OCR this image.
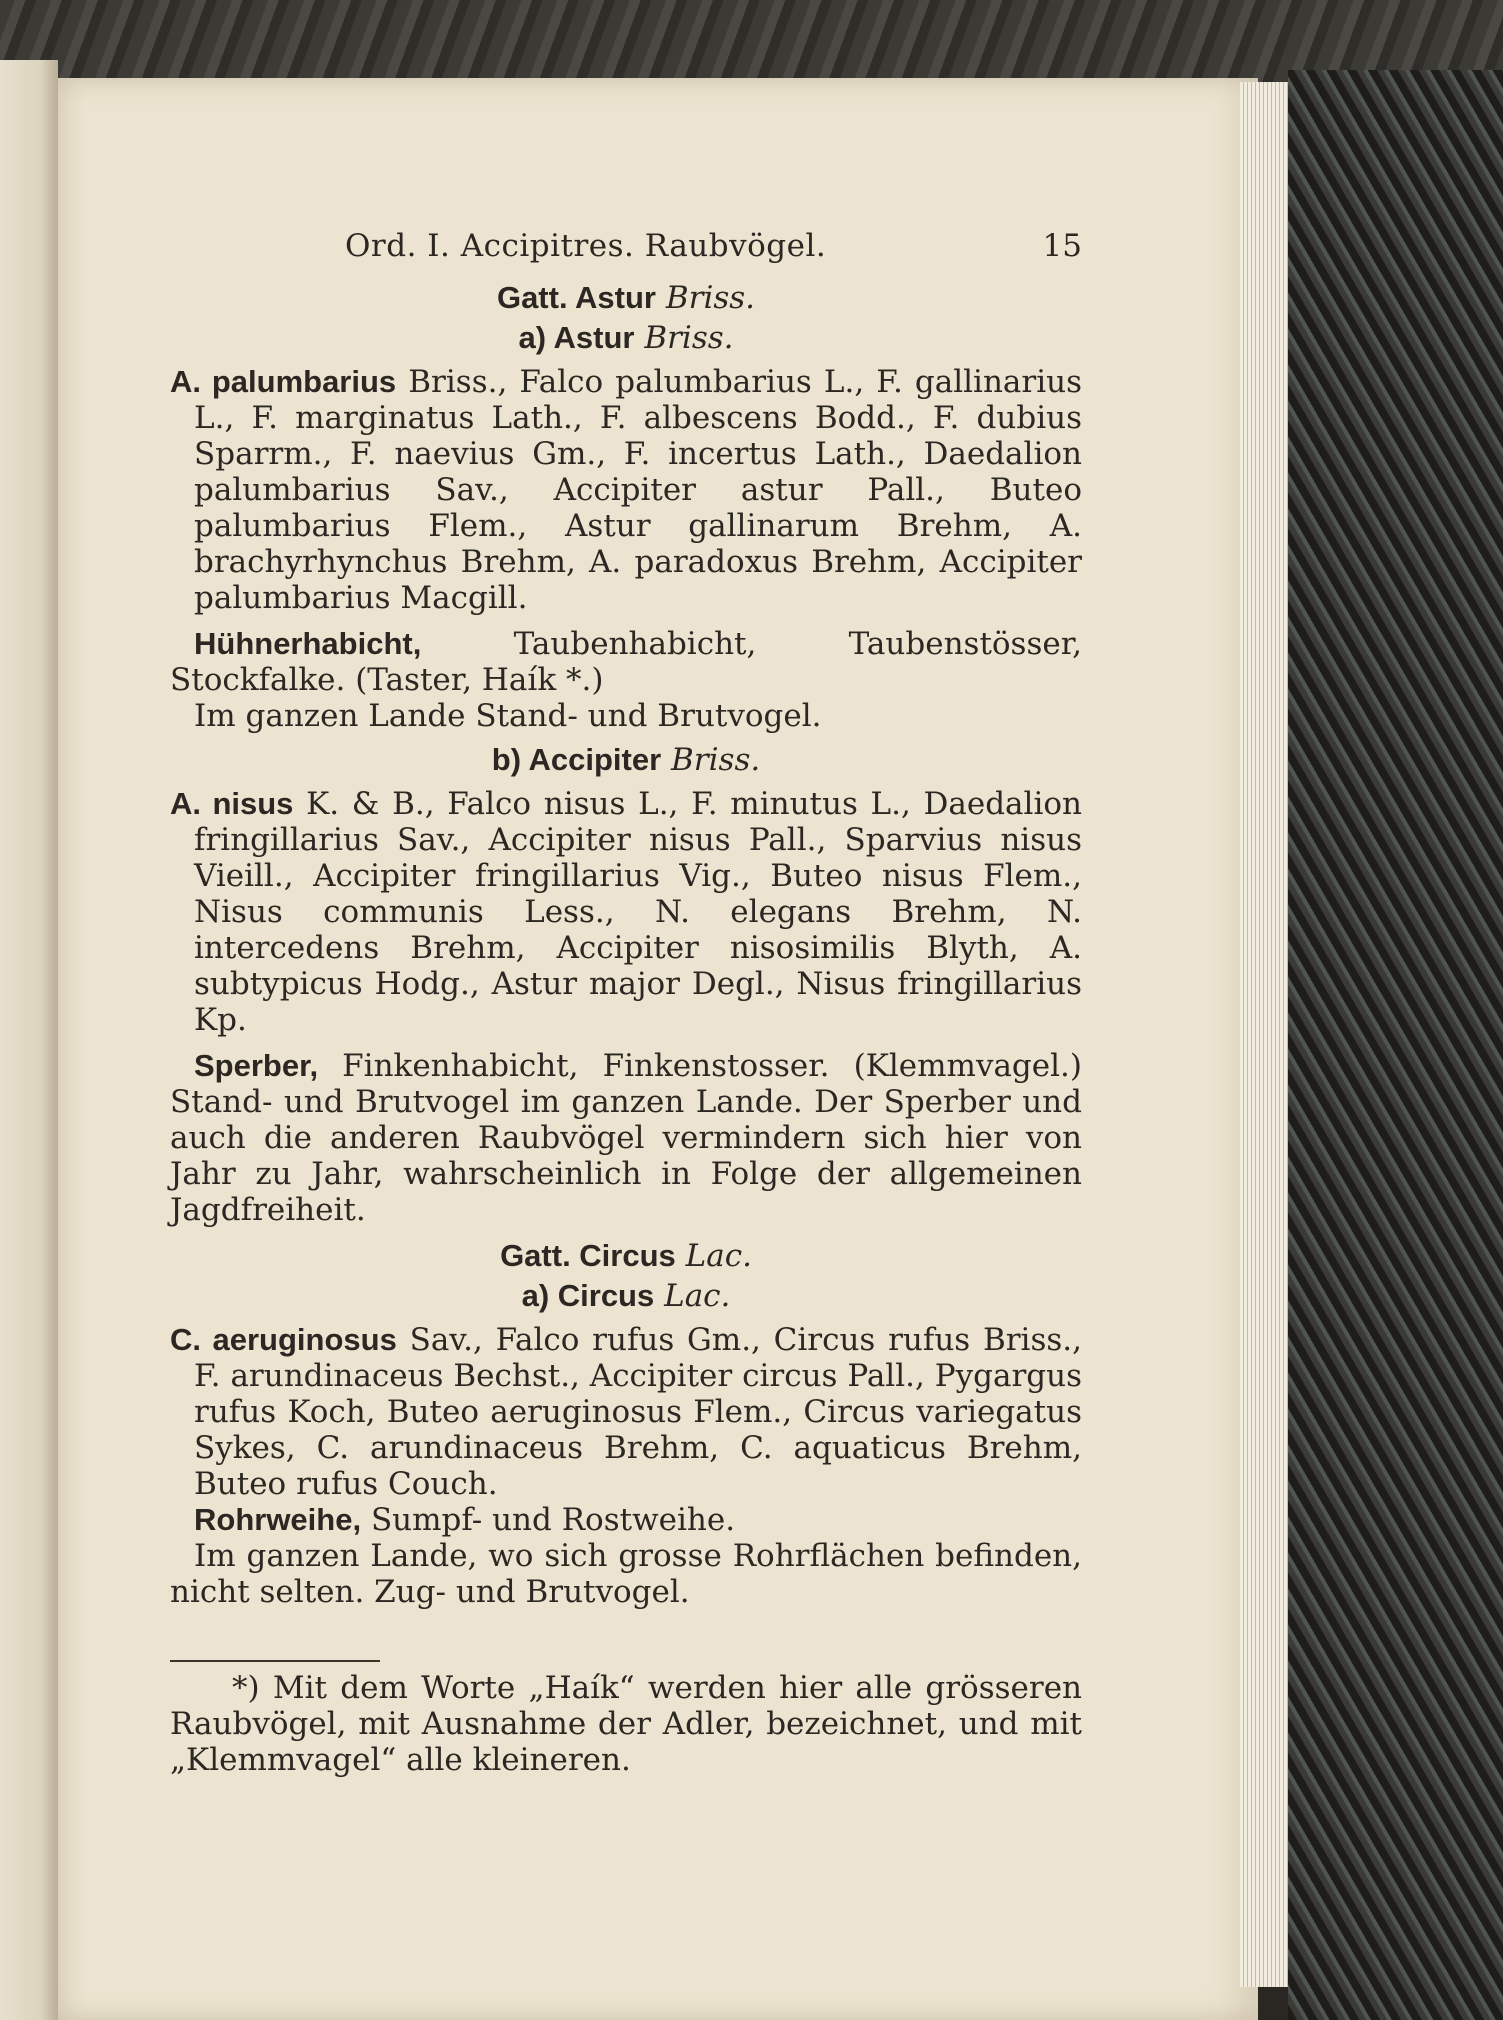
Ord. I. Accipitres. Raubvögel.	15
Gatt. Astur Briss.
a) Astur Briss.

A. palumbarius Briss., Falco palumbarius L., F. gallinarius L., F. marginatus Lath., F. albescens Bodd., F. dubius Sparrm., F. naevius Gm., F. incertus Lath., Daedalion palumbarius Sav., Accipiter astur Pall., Buteo palumbarius Flem., Astur gallinarum Brehm, A. brachyrhynchus Brehm, A. paradoxus Brehm, Accipiter palumbarius Macgill.

Hühnerhabicht, Taubenhabicht, Taubenstösser, Stockfalke. (Taster, Haík *.)

Im ganzen Lande Stand- und Brutvogel.

b) Accipiter Briss.

A. nisus K. & B., Falco nisus L., F. minutus L., Daedalion fringillarius Sav., Accipiter nisus Pall., Sparvius nisus Vieill., Accipiter fringillarius Vig., Buteo nisus Flem., Nisus communis Less., N. elegans Brehm, N. intercedens Brehm, Accipiter nisosimilis Blyth, A. subtypicus Hodg., Astur major Degl., Nisus fringillarius Kp.

Sperber, Finkenhabicht, Finkenstosser. (Klemmvagel.) Stand- und Brutvogel im ganzen Lande. Der Sperber und auch die anderen Raubvögel vermindern sich hier von Jahr zu Jahr, wahrscheinlich in Folge der allgemeinen Jagdfreiheit.

Gatt. Circus Lac.
a) Circus Lac.

C. aeruginosus Sav., Falco rufus Gm., Circus rufus Briss., F. arundinaceus Bechst., Accipiter circus Pall., Pygargus rufus Koch, Buteo aeruginosus Flem., Circus variegatus Sykes, C. arundinaceus Brehm, C. aquaticus Brehm, Buteo rufus Couch.

Rohrweihe, Sumpf- und Rostweihe.

Im ganzen Lande, wo sich grosse Rohrflächen befinden, nicht selten. Zug- und Brutvogel.

*) Mit dem Worte „Haík“ werden hier alle grösseren Raubvögel, mit Ausnahme der Adler, bezeichnet, und mit „Klemmvagel“ alle kleineren.
